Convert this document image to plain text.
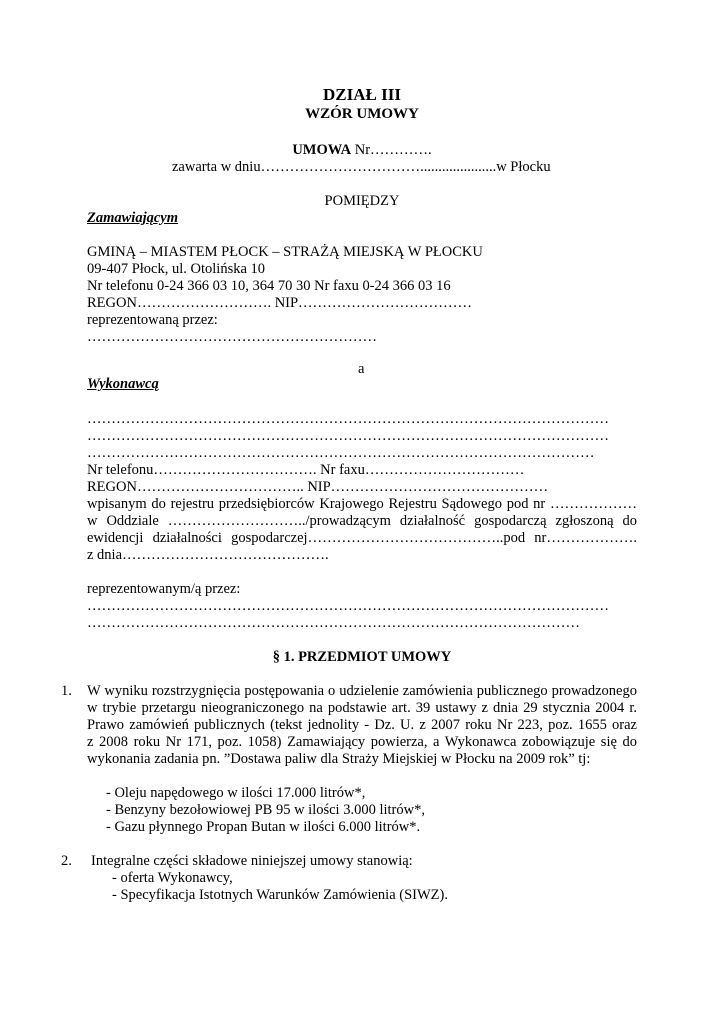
DZIAŁ III
WZÓR UMOWY
UMOWA Nr………….
zawarta w dniu…………………………….....................w Płocku
POMIĘDZY
Zamawiającym
GMINĄ – MIASTEM PŁOCK – STRAŻĄ MIEJSKĄ W PŁOCKU
09-407 Płock, ul. Otolińska 10
Nr telefonu 0-24 366 03 10, 364 70 30 Nr faxu 0-24 366 03 16
REGON………………………. NIP………………………………
reprezentowaną przez:
……………………………………………………
a
Wykonawcą
………………………………………………………………………………………………
………………………………………………………………………………………………
……………………………………………………………………………………………
Nr telefonu……………………………. Nr faxu……………………………
REGON…………………………….. NIP………………………………………
wpisanym do rejestru przedsiębiorców Krajowego Rejestru Sądowego pod nr ………………
w Oddziale ………………………../prowadzącym działalność gospodarczą zgłoszoną do
ewidencji działalności gospodarczej…………………………………..pod nr……………….
z dnia…………………………………….
reprezentowanym/ą przez:
………………………………………………………………………………………………
…………………………………………………………………………………………
§ 1. PRZEDMIOT UMOWY
1. W wyniku rozstrzygnięcia postępowania o udzielenie zamówienia publicznego prowadzonego
w trybie przetargu nieograniczonego na podstawie art. 39 ustawy z dnia 29 stycznia 2004 r.
Prawo zamówień publicznych (tekst jednolity - Dz. U. z 2007 roku Nr 223, poz. 1655 oraz
z 2008 roku Nr 171, poz. 1058) Zamawiający powierza, a Wykonawca zobowiązuje się do
wykonania zadania pn. ”Dostawa paliw dla Straży Miejskiej w Płocku na 2009 rok” tj:
- Oleju napędowego w ilości 17.000 litrów*,
- Benzyny bezołowiowej PB 95 w ilości 3.000 litrów*,
- Gazu płynnego Propan Butan w ilości 6.000 litrów*.
2. Integralne części składowe niniejszej umowy stanowią:
- oferta Wykonawcy,
- Specyfikacja Istotnych Warunków Zamówienia (SIWZ).
